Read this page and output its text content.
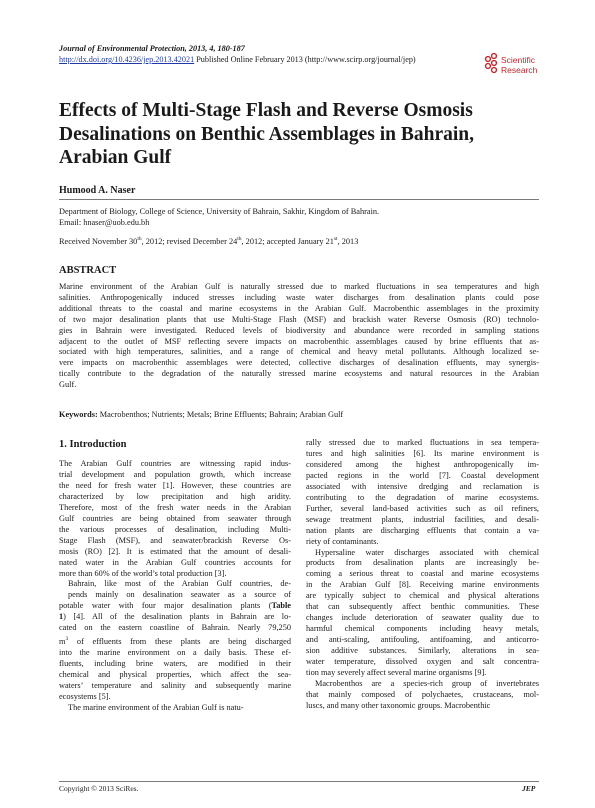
Journal of Environmental Protection, 2013, 4, 180-187
http://dx.doi.org/10.4236/jep.2013.42021 Published Online February 2013 (http://www.scirp.org/journal/jep)	Scientific
Research
Effects of Multi-Stage Flash and Reverse Osmosis
Desalinations on Benthic Assemblages in Bahrain,
Arabian Gulf
Humood A. Naser
Department of Biology, College of Science, University of Bahrain, Sakhir, Kingdom of Bahrain.
Email: hnaser@uob.edu.bh
Received November 30th, 2012; revised December 24th, 2012; accepted January 21st, 2013
ABSTRACT
Marine environment of the Arabian Gulf is naturally stressed due to marked fluctuations in sea temperatures and high
salinities. Anthropogenically induced stresses including waste water discharges from desalination plants could pose
additional threats to the coastal and marine ecosystems in the Arabian Gulf. Macrobenthic assemblages in the proximity
of two major desalination plants that use Multi-Stage Flash (MSF) and brackish water Reverse Osmosis (RO) technolo-
gies in Bahrain were investigated. Reduced levels of biodiversity and abundance were recorded in sampling stations
adjacent to the outlet of MSF reflecting severe impacts on macrobenthic assemblages caused by brine effluents that as-
sociated with high temperatures, salinities, and a range of chemical and heavy metal pollutants. Although localized se-
vere impacts on macrobenthic assemblages were detected, collective discharges of desalination effluents, may synergis-
tically contribute to the degradation of the naturally stressed marine ecosystems and natural resources in the Arabian
Gulf.
Keywords: Macrobenthos; Nutrients; Metals; Brine Effluents; Bahrain; Arabian Gulf
1. Introduction
The Arabian Gulf countries are witnessing rapid indus-
trial development and population growth, which increase
the need for fresh water [1]. However, these countries are
characterized by low precipitation and high aridity.
Therefore, most of the fresh water needs in the Arabian
Gulf countries are being obtained from seawater through
the various processes of desalination, including Multi-
Stage Flash (MSF), and seawater/brackish Reverse Os-
mosis (RO) [2]. It is estimated that the amount of desali-
nated water in the Arabian Gulf countries accounts for
more than 60% of the world’s total production [3].
Bahrain, like most of the Arabian Gulf countries, de-
pends mainly on desalination seawater as a source of
potable water with four major desalination plants (Table
1) [4]. All of the desalination plants in Bahrain are lo-
cated on the eastern coastline of Bahrain. Nearly 79,250
$m^3$ of effluents from these plants are being discharged
into the marine environment on a daily basis. These ef-
fluents, including brine waters, are modified in their
chemical and physical properties, which affect the sea-
waters’ temperature and salinity and subsequently marine
ecosystems [5].
The marine environment of the Arabian Gulf is natu-
rally stressed due to marked fluctuations in sea tempera-
tures and high salinities [6]. Its marine environment is
considered among the highest anthropogenically im-
pacted regions in the world [7]. Coastal development
associated with intensive dredging and reclamation is
contributing to the degradation of marine ecosystems.
Further, several land-based activities such as oil refiners,
sewage treatment plants, industrial facilities, and desali-
nation plants are discharging effluents that contain a va-
riety of contaminants.
Hypersaline water discharges associated with chemical
products from desalination plants are increasingly be-
coming a serious threat to coastal and marine ecosystems
in the Arabian Gulf [8]. Receiving marine environments
are typically subject to chemical and physical alterations
that can subsequently affect benthic communities. These
changes include deterioration of seawater quality due to
harmful chemical components including heavy metals,
and anti-scaling, antifouling, antifoaming, and anticorro-
sion additive substances. Similarly, alterations in sea-
water temperature, dissolved oxygen and salt concentra-
tion may severely affect several marine organisms [9].
Macrobenthos are a species-rich group of invertebrates
that mainly composed of polychaetes, crustaceans, mol-
luscs, and many other taxonomic groups. Macrobenthic
Copyright © 2013 SciRes.	JEP
